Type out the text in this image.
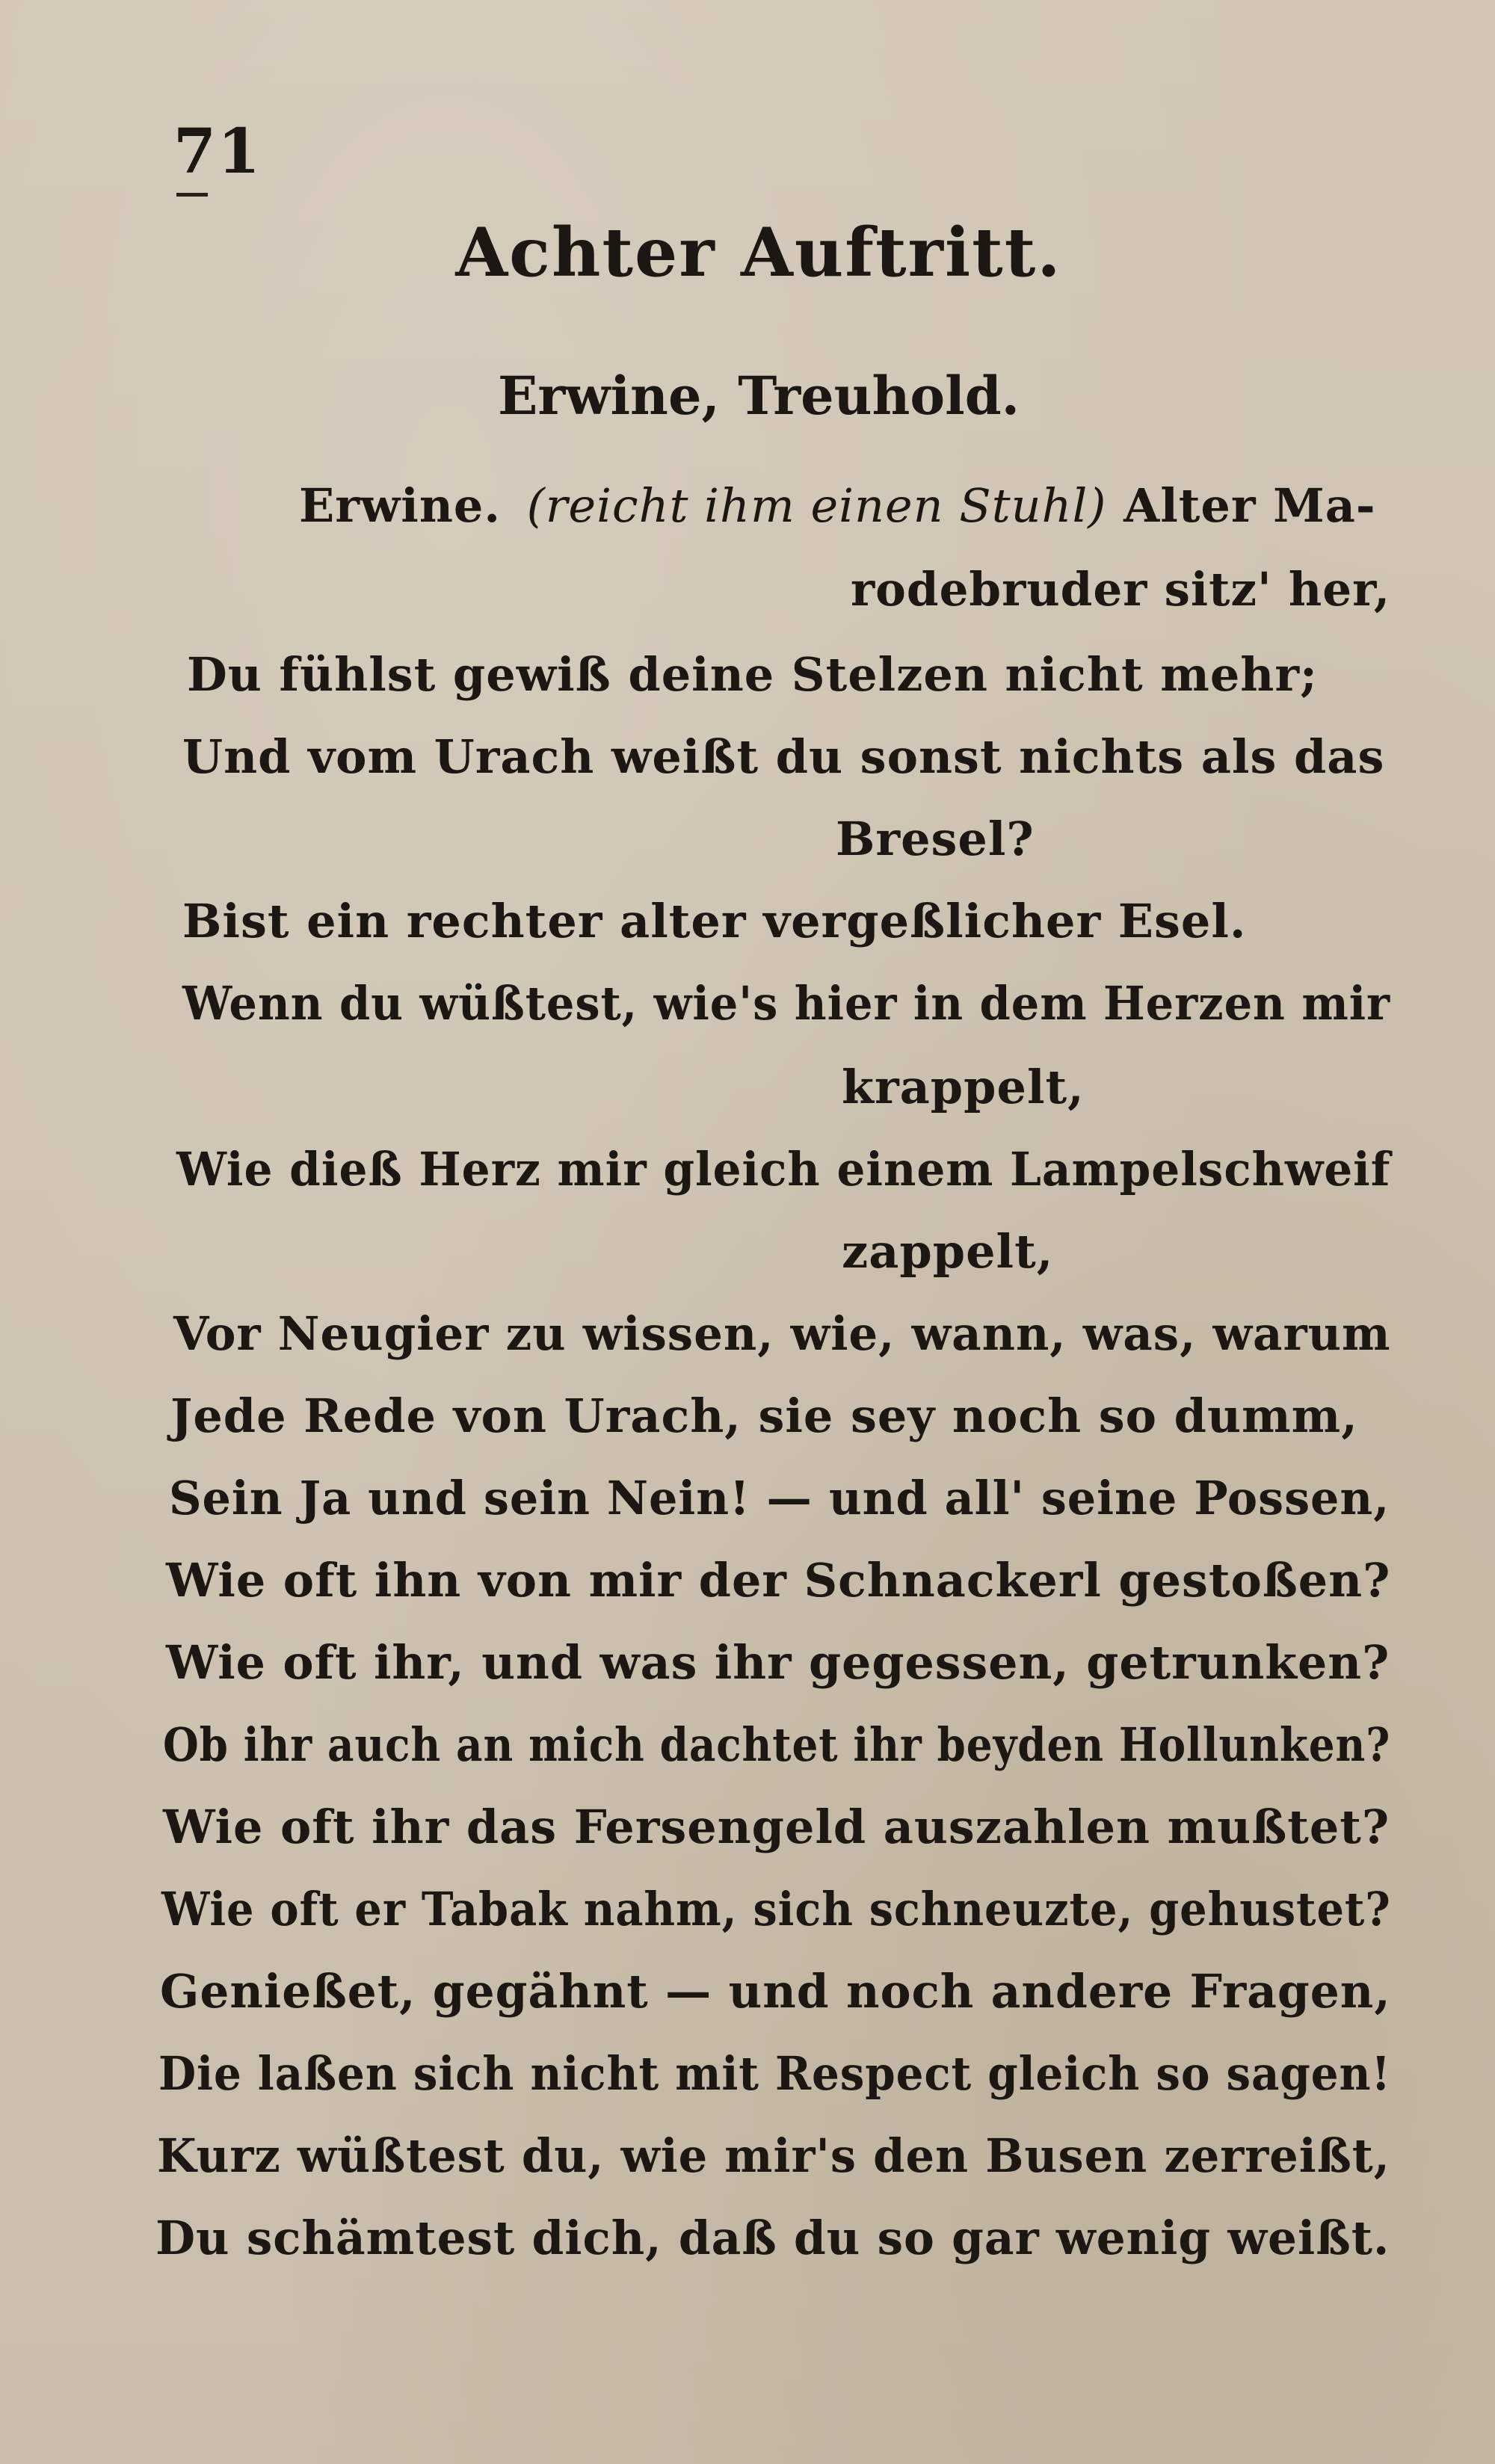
71
Achter Auftritt.
Erwine, Treuhold.
Erwine. (reicht ihm einen Stuhl) Alter Ma-
rodebruder sitz' her,
Du fühlst gewiß deine Stelzen nicht mehr;
Und vom Urach weißt du sonst nichts als das
Bresel?
Bist ein rechter alter vergeßlicher Esel.
Wenn du wüßtest, wie's hier in dem Herzen mir
krappelt,
Wie dieß Herz mir gleich einem Lampelschweif
zappelt,
Vor Neugier zu wissen, wie, wann, was, warum
Jede Rede von Urach, sie sey noch so dumm,
Sein Ja und sein Nein! — und all' seine Possen,
Wie oft ihn von mir der Schnackerl gestoßen?
Wie oft ihr, und was ihr gegessen, getrunken?
Ob ihr auch an mich dachtet ihr beyden Hollunken?
Wie oft ihr das Fersengeld auszahlen mußtet?
Wie oft er Tabak nahm, sich schneuzte, gehustet?
Genießet, gegähnt — und noch andere Fragen,
Die laßen sich nicht mit Respect gleich so sagen!
Kurz wüßtest du, wie mir's den Busen zerreißt,
Du schämtest dich, daß du so gar wenig weißt.
